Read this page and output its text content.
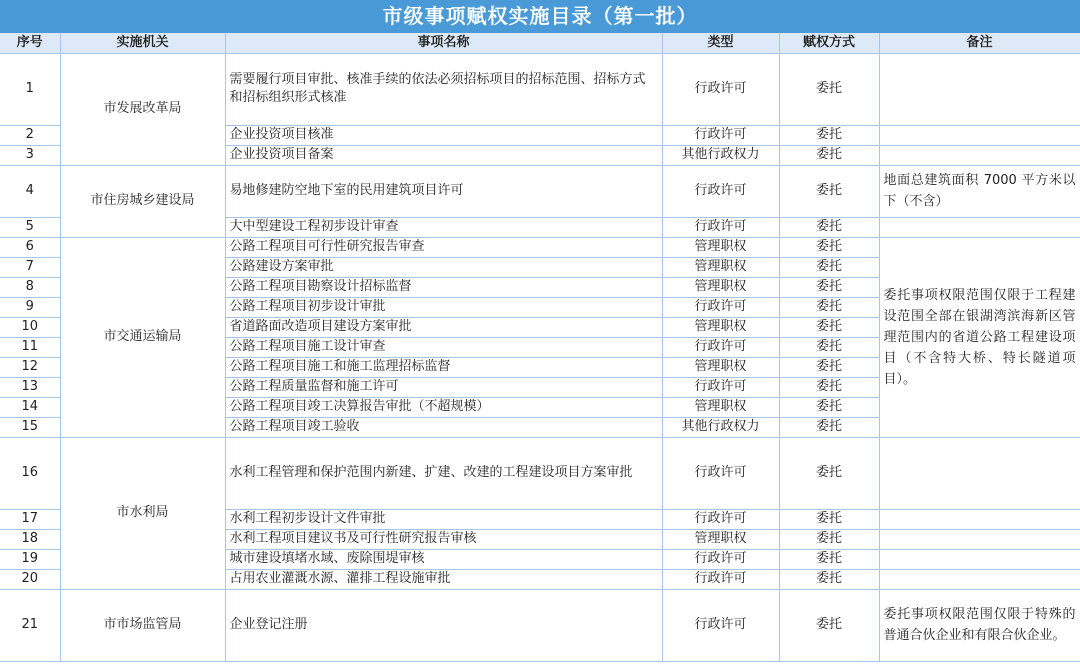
市级事项赋权实施目录（第一批）
序号	实施机关	事项名称	类型	赋权方式	备注
1	市发展改革局	需要履行项目审批、核准手续的依法必须招标项目的招标范围、招标方式和招标组织形式核准	行政许可	委托	
2		企业投资项目核准	行政许可	委托	
3		企业投资项目备案	其他行政权力	委托	
4	市住房城乡建设局	易地修建防空地下室的民用建筑项目许可	行政许可	委托	地面总建筑面积 7000 平方米以下（不含）
5		大中型建设工程初步设计审查	行政许可	委托	
6	市交通运输局	公路工程项目可行性研究报告审查	管理职权	委托	委托事项权限范围仅限于工程建设范围全部在银湖湾滨海新区管理范围内的省道公路工程建设项目（不含特大桥、特长隧道项目）。
7		公路建设方案审批	管理职权	委托	
8		公路工程项目勘察设计招标监督	管理职权	委托	
9		公路工程项目初步设计审批	行政许可	委托	
10		省道路面改造项目建设方案审批	管理职权	委托	
11		公路工程项目施工设计审查	行政许可	委托	
12		公路工程项目施工和施工监理招标监督	管理职权	委托	
13		公路工程质量监督和施工许可	行政许可	委托	
14		公路工程项目竣工决算报告审批（不超规模）	管理职权	委托	
15		公路工程项目竣工验收	其他行政权力	委托	
16	市水利局	水利工程管理和保护范围内新建、扩建、改建的工程建设项目方案审批	行政许可	委托	
17		水利工程初步设计文件审批	行政许可	委托	
18		水利工程项目建议书及可行性研究报告审核	管理职权	委托	
19		城市建设填堵水域、废除围堤审核	行政许可	委托	
20		占用农业灌溉水源、灌排工程设施审批	行政许可	委托	
21	市市场监管局	企业登记注册	行政许可	委托	委托事项权限范围仅限于特殊的普通合伙企业和有限合伙企业。
